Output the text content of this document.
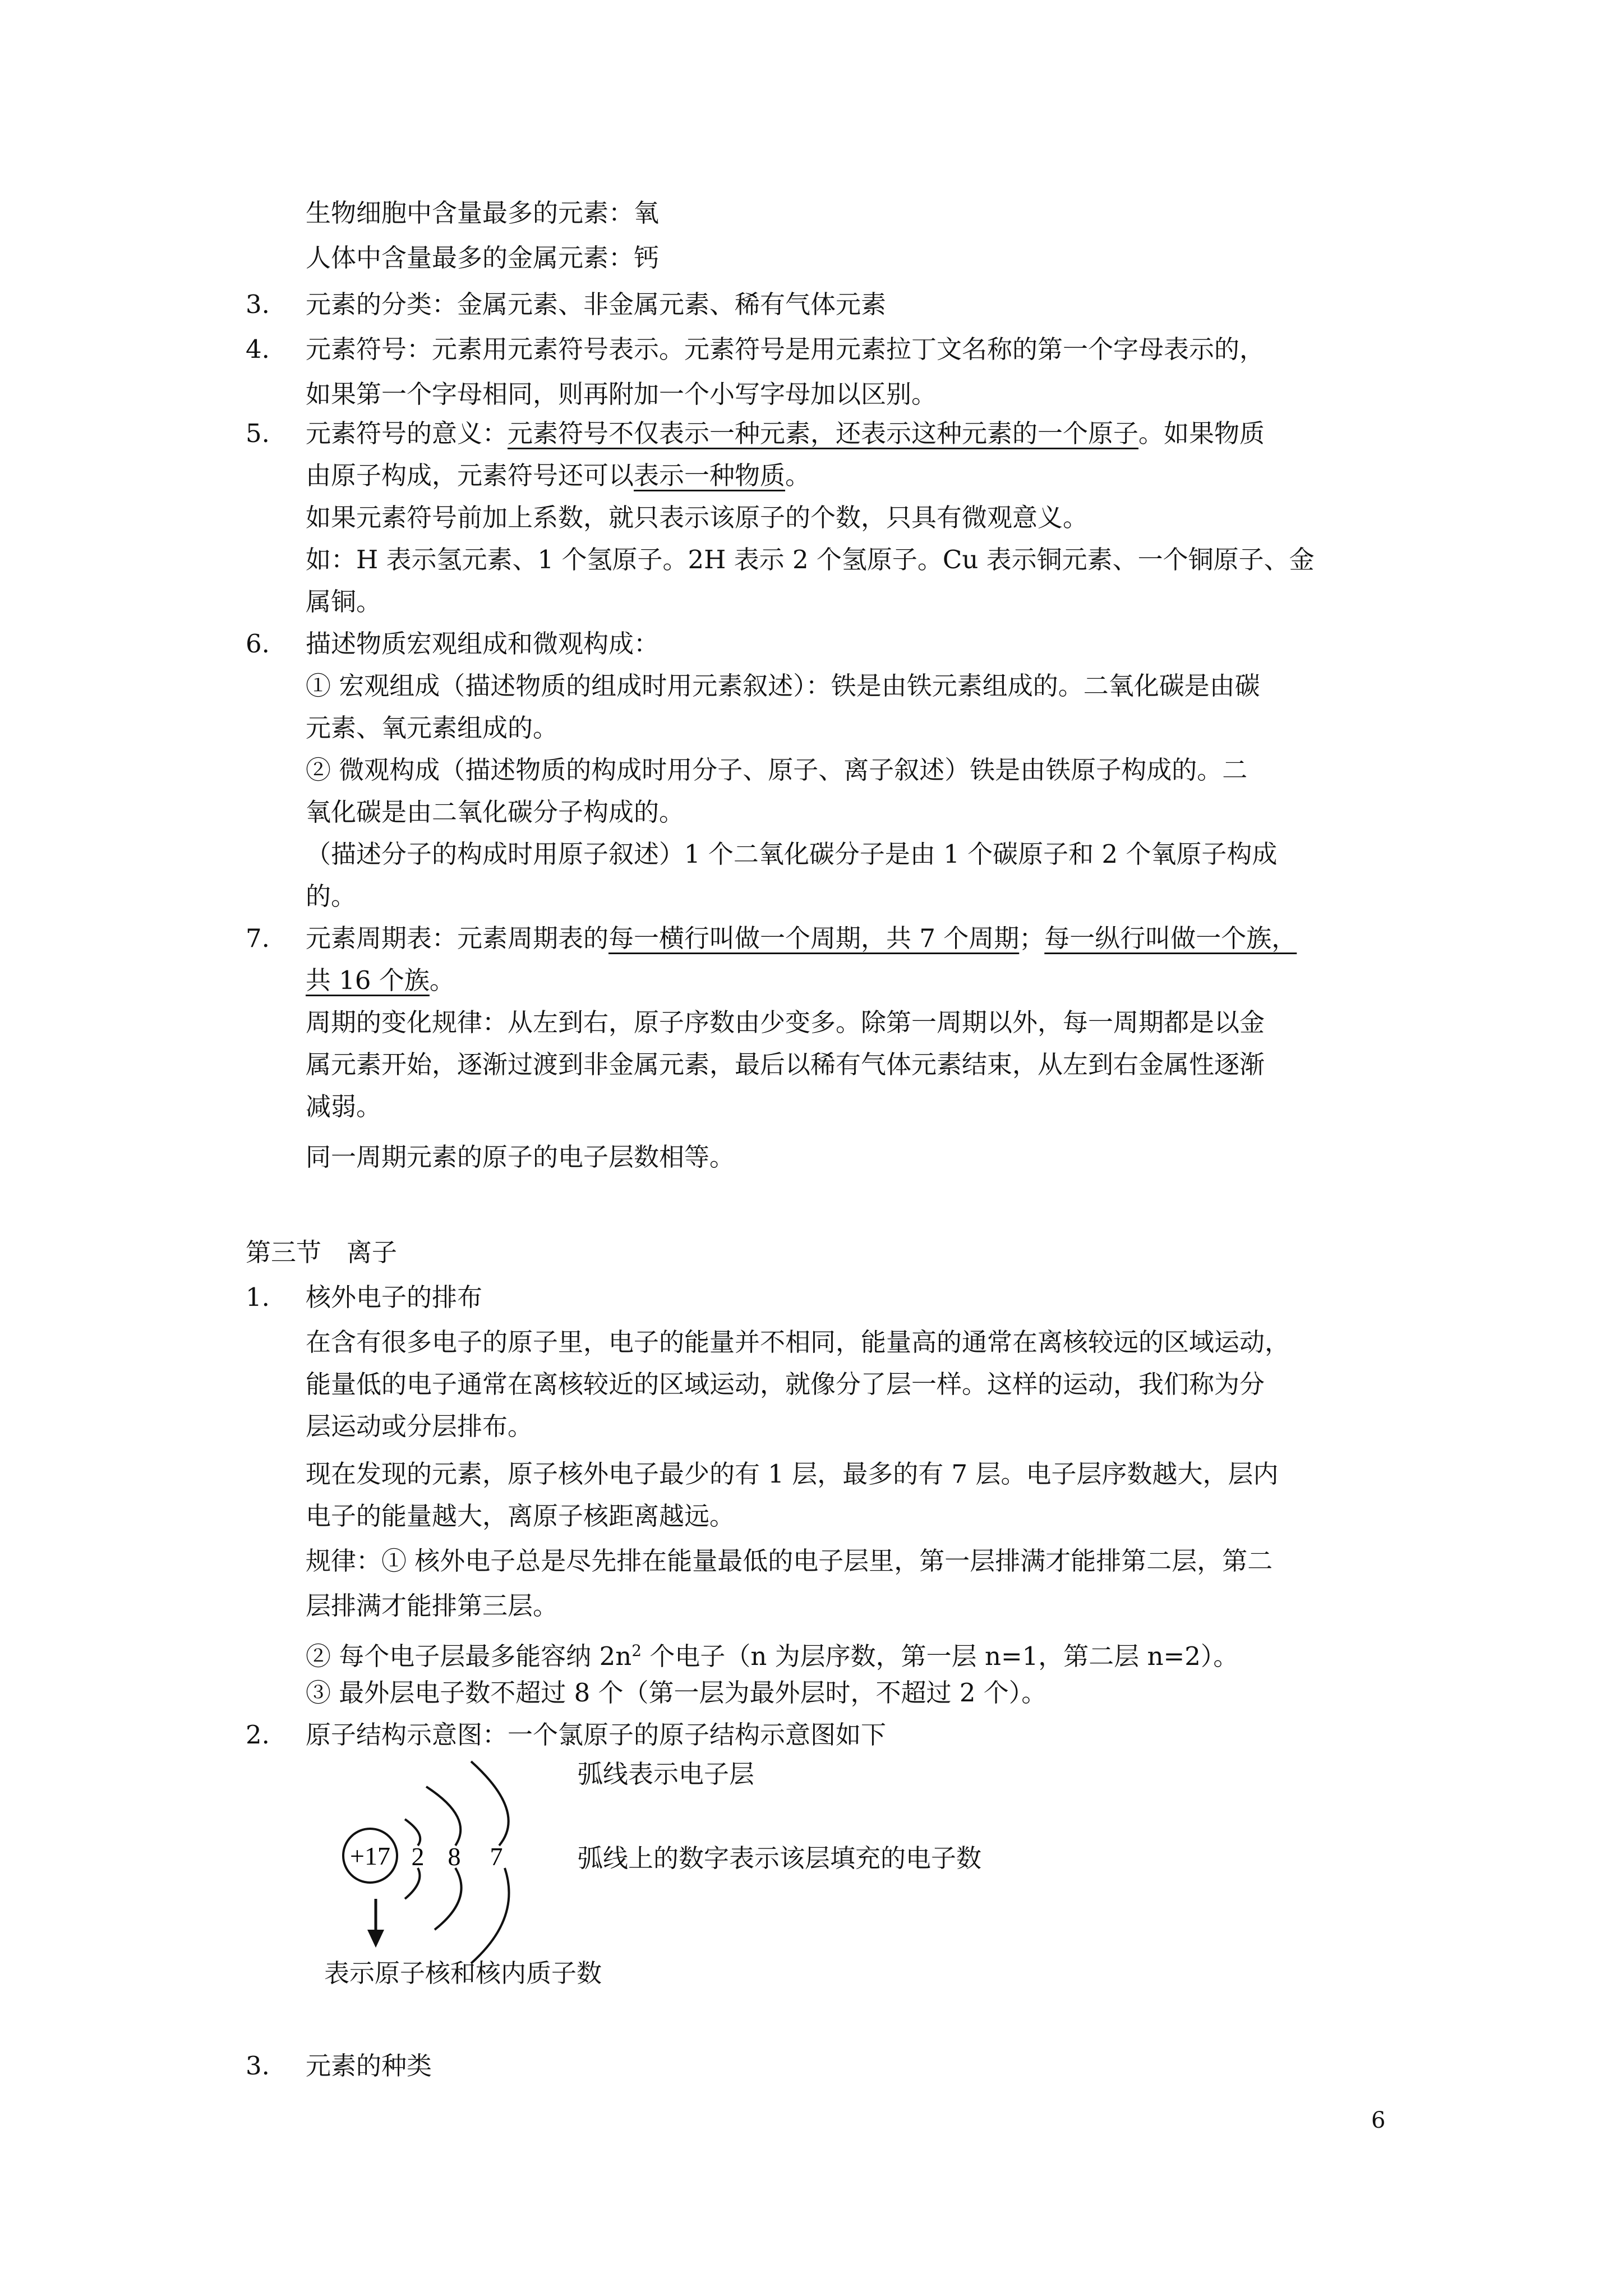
生物细胞中含量最多的元素：氧
人体中含量最多的金属元素：钙
3. 元素的分类：金属元素、非金属元素、稀有气体元素
4. 元素符号：元素用元素符号表示。元素符号是用元素拉丁文名称的第一个字母表示的，
如果第一个字母相同，则再附加一个小写字母加以区别。
5. 元素符号的意义：元素符号不仅表示一种元素，还表示这种元素的一个原子。如果物质
由原子构成，元素符号还可以表示一种物质。
如果元素符号前加上系数，就只表示该原子的个数，只具有微观意义。
如：H 表示氢元素、1 个氢原子。2H 表示 2 个氢原子。Cu 表示铜元素、一个铜原子、金
属铜。
6. 描述物质宏观组成和微观构成：
① 宏观组成（描述物质的组成时用元素叙述）：铁是由铁元素组成的。二氧化碳是由碳
元素、氧元素组成的。
② 微观构成（描述物质的构成时用分子、原子、离子叙述）铁是由铁原子构成的。二
氧化碳是由二氧化碳分子构成的。
（描述分子的构成时用原子叙述）1 个二氧化碳分子是由 1 个碳原子和 2 个氧原子构成
的。
7. 元素周期表：元素周期表的每一横行叫做一个周期，共 7 个周期；每一纵行叫做一个族，
共 16 个族。
周期的变化规律：从左到右，原子序数由少变多。除第一周期以外，每一周期都是以金
属元素开始，逐渐过渡到非金属元素，最后以稀有气体元素结束，从左到右金属性逐渐
减弱。
同一周期元素的原子的电子层数相等。
第三节　离子
1. 核外电子的排布
在含有很多电子的原子里，电子的能量并不相同，能量高的通常在离核较远的区域运动，
能量低的电子通常在离核较近的区域运动，就像分了层一样。这样的运动，我们称为分
层运动或分层排布。
现在发现的元素，原子核外电子最少的有 1 层，最多的有 7 层。电子层序数越大，层内
电子的能量越大，离原子核距离越远。
规律：① 核外电子总是尽先排在能量最低的电子层里，第一层排满才能排第二层，第二
层排满才能排第三层。
② 每个电子层最多能容纳 $2n^2$ 个电子（n 为层序数，第一层 n=1，第二层 n=2）。
③ 最外层电子数不超过 8 个（第一层为最外层时，不超过 2 个）。
2. 原子结构示意图：一个氯原子的原子结构示意图如下
+17 2 8 7
弧线表示电子层
弧线上的数字表示该层填充的电子数
表示原子核和核内质子数
3. 元素的种类
6
